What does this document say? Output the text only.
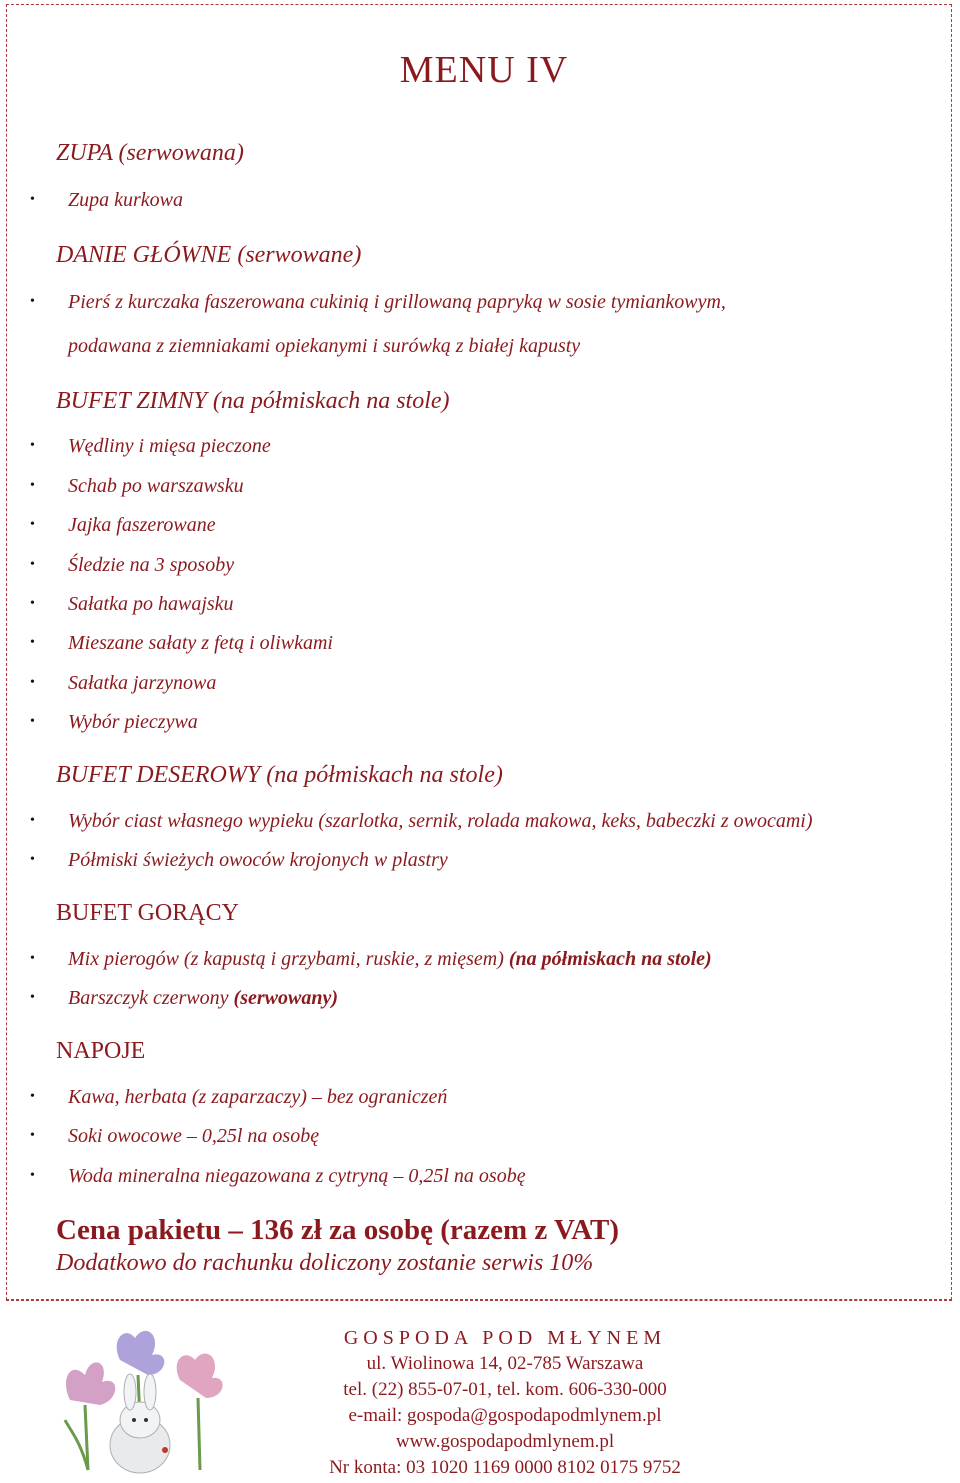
MENU IV
ZUPA (serwowana)
• Zupa kurkowa
DANIE GŁÓWNE (serwowane)
• Pierś z kurczaka faszerowana cukinią i grillowaną papryką w sosie tymiankowym,
podawana z ziemniakami opiekanymi i surówką z białej kapusty
BUFET ZIMNY (na półmiskach na stole)
• Wędliny i mięsa pieczone
• Schab po warszawsku
• Jajka faszerowane
• Śledzie na 3 sposoby
• Sałatka po hawajsku
• Mieszane sałaty z fetą i oliwkami
• Sałatka jarzynowa
• Wybór pieczywa
BUFET DESEROWY (na półmiskach na stole)
• Wybór ciast własnego wypieku (szarlotka, sernik, rolada makowa, keks, babeczki z owocami)
• Półmiski świeżych owoców krojonych w plastry
BUFET GORĄCY
• Mix pierogów (z kapustą i grzybami, ruskie, z mięsem) (na półmiskach na stole)
• Barszczyk czerwony (serwowany)
NAPOJE
• Kawa, herbata (z zaparzaczy) – bez ograniczeń
• Soki owocowe – 0,25l na osobę
• Woda mineralna niegazowana z cytryną – 0,25l na osobę
Cena pakietu – 136 zł za osobę (razem z VAT)
Dodatkowo do rachunku doliczony zostanie serwis 10%
GOSPODA POD MŁYNEM
ul. Wiolinowa 14, 02-785 Warszawa
tel. (22) 855-07-01, tel. kom. 606-330-000
e-mail: gospoda@gospodapodmlynem.pl
www.gospodapodmlynem.pl
Nr konta: 03 1020 1169 0000 8102 0175 9752
